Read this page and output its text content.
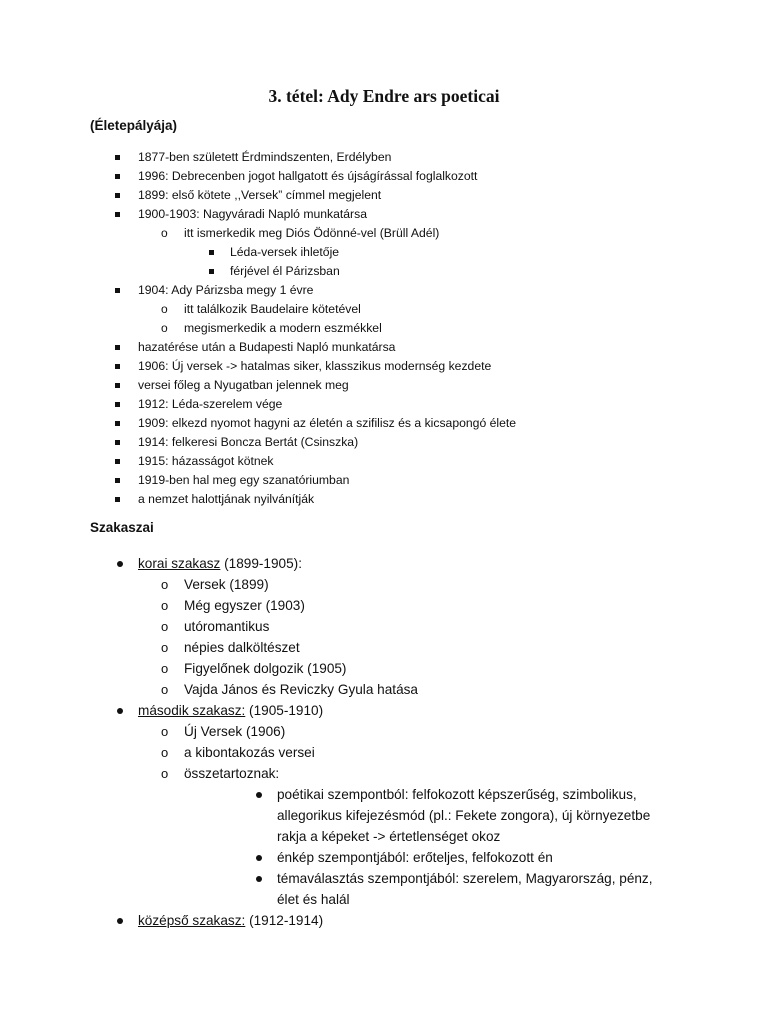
3. tétel: Ady Endre ars poeticai
(Életepályája)
1877-ben született Érdmindszenten, Erdélyben
1996: Debrecenben jogot hallgatott és újságírással foglalkozott
1899: első kötete ,,Versek” címmel megjelent
1900-1903: Nagyváradi Napló munkatársa
o itt ismerkedik meg Diós Ödönné-vel (Brüll Adél)
Léda-versek ihletője
férjével él Párizsban
1904: Ady Párizsba megy 1 évre
o itt találkozik Baudelaire kötetével
o megismerkedik a modern eszmékkel
hazatérése után a Budapesti Napló munkatársa
1906: Új versek -> hatalmas siker, klasszikus modernség kezdete
versei főleg a Nyugatban jelennek meg
1912: Léda-szerelem vége
1909: elkezd nyomot hagyni az életén a szifilisz és a kicsapongó élete
1914: felkeresi Boncza Bertát (Csinszka)
1915: házasságot kötnek
1919-ben hal meg egy szanatóriumban
a nemzet halottjának nyilvánítják
Szakaszai
korai szakasz (1899-1905):
o Versek (1899)
o Még egyszer (1903)
o utóromantikus
o népies dalköltészet
o Figyelőnek dolgozik (1905)
o Vajda János és Reviczky Gyula hatása
második szakasz: (1905-1910)
o Új Versek (1906)
o a kibontakozás versei
o összetartoznak:
poétikai szempontból: felfokozott képszerűség, szimbolikus, allegorikus kifejezésmód (pl.: Fekete zongora), új környezetbe rakja a képeket -> értetlenséget okoz
énkép szempontjából: erőteljes, felfokozott én
témaválasztás szempontjából: szerelem, Magyarország, pénz, élet és halál
középső szakasz: (1912-1914)
